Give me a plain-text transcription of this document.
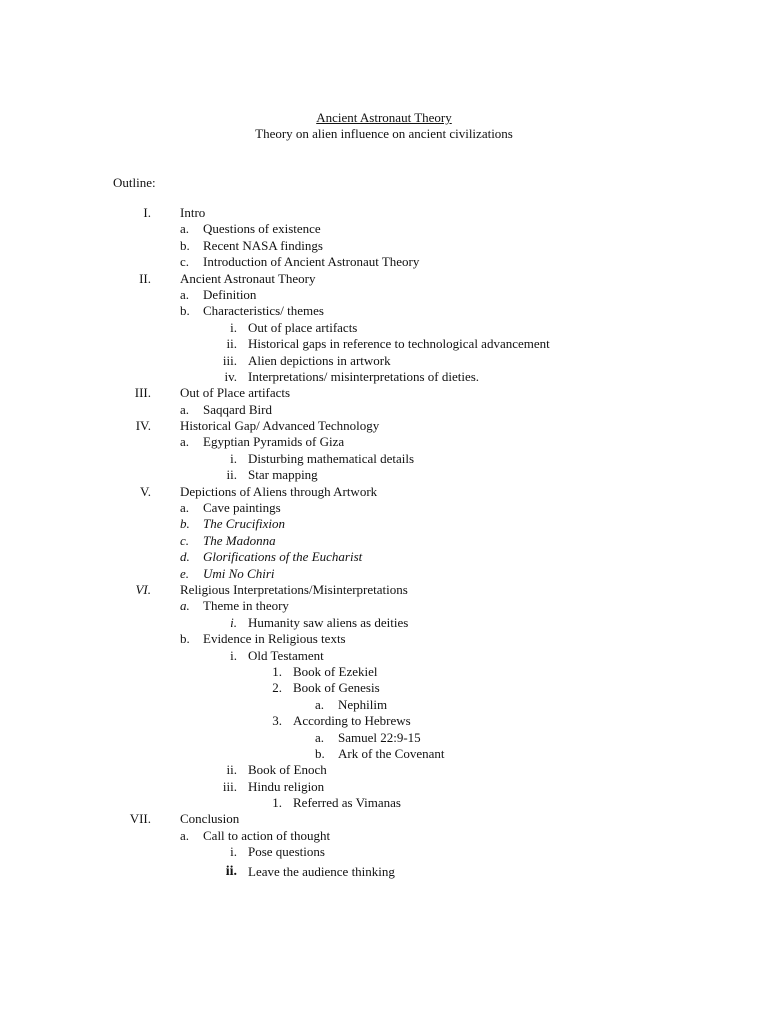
Ancient Astronaut Theory
Theory on alien influence on ancient civilizations
Outline:
I. Intro
a. Questions of existence
b. Recent NASA findings
c. Introduction of Ancient Astronaut Theory
II. Ancient Astronaut Theory
a. Definition
b. Characteristics/ themes
i. Out of place artifacts
ii. Historical gaps in reference to technological advancement
iii. Alien depictions in artwork
iv. Interpretations/ misinterpretations of dieties.
III. Out of Place artifacts
a. Saqqard Bird
IV. Historical Gap/ Advanced Technology
a. Egyptian Pyramids of Giza
i. Disturbing mathematical details
ii. Star mapping
V. Depictions of Aliens through Artwork
a. Cave paintings
b. The Crucifixion
c. The Madonna
d. Glorifications of the Eucharist
e. Umi No Chiri
VI. Religious Interpretations/Misinterpretations
a. Theme in theory
i. Humanity saw aliens as deities
b. Evidence in Religious texts
i. Old Testament
1. Book of Ezekiel
2. Book of Genesis
a. Nephilim
3. According to Hebrews
a. Samuel 22:9-15
b. Ark of the Covenant
ii. Book of Enoch
iii. Hindu religion
1. Referred as Vimanas
VII. Conclusion
a. Call to action of thought
i. Pose questions
ii. Leave the audience thinking
